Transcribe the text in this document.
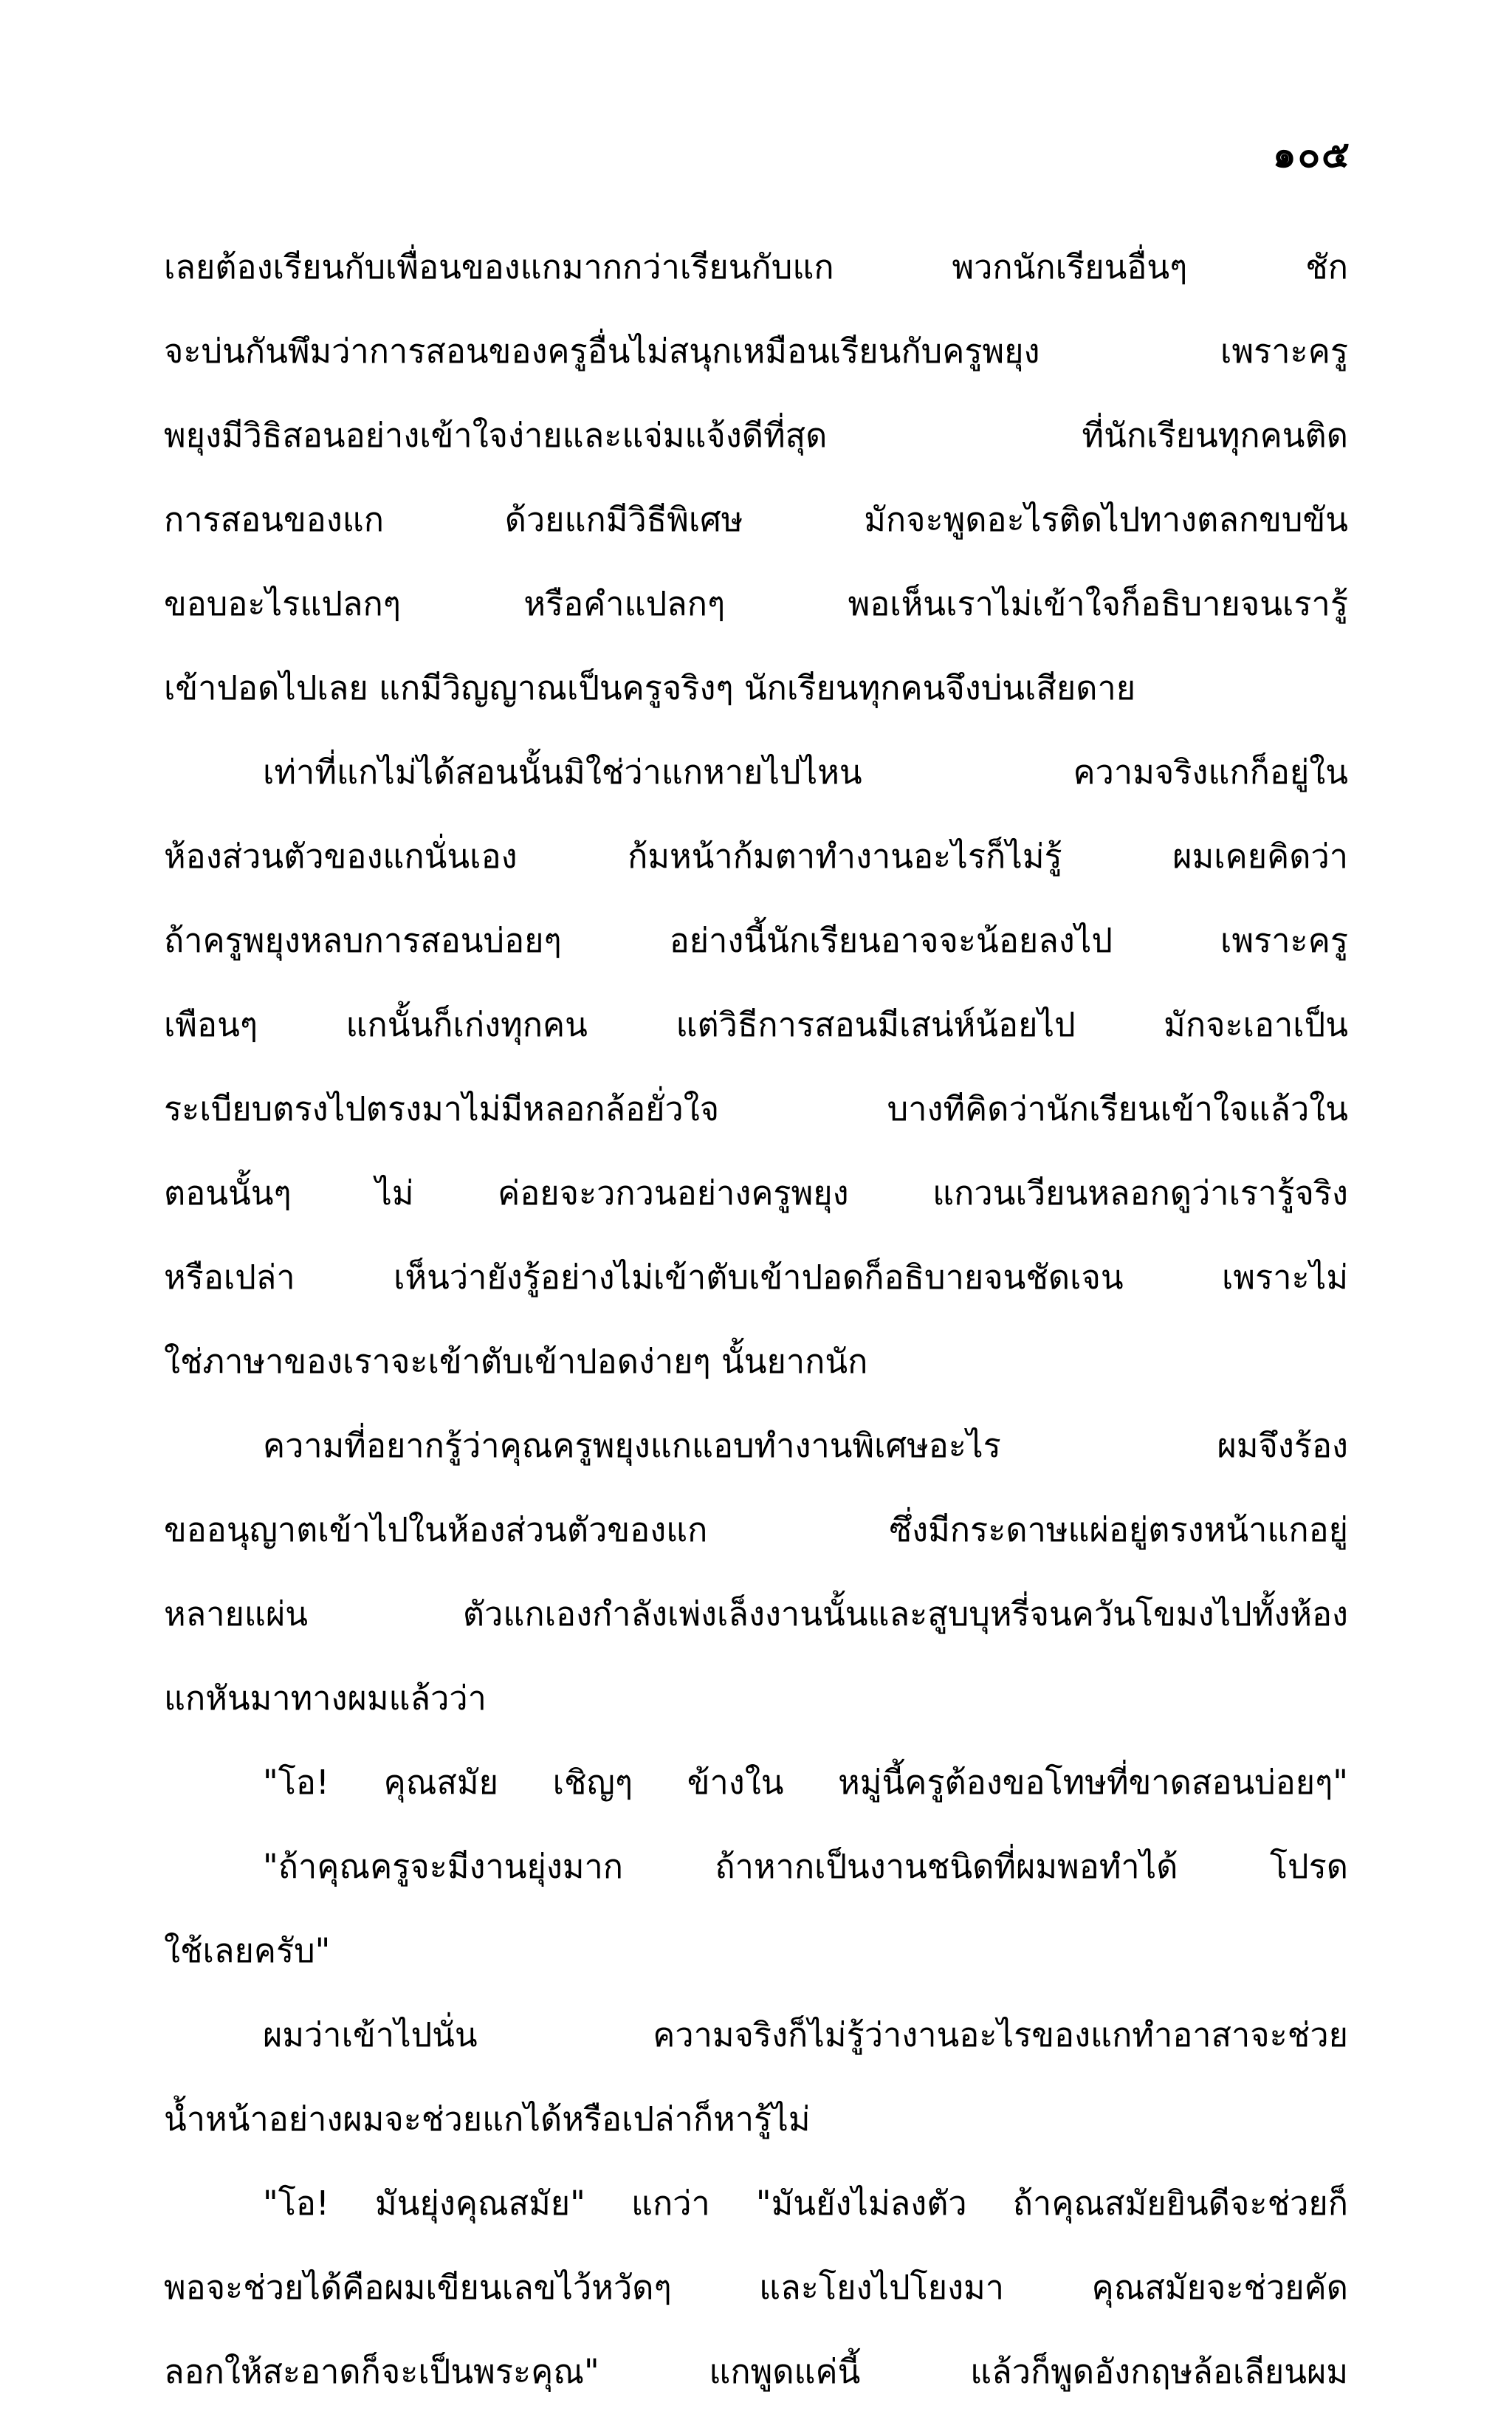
๑๐๕
เลยต้องเรียนกับเพื่อนของแกมากกว่าเรียนกับแก พวกนักเรียนอื่นๆ ชัก
จะบ่นกันพึมว่าการสอนของครูอื่นไม่สนุกเหมือนเรียนกับครูพยุง เพราะครู
พยุงมีวิธิสอนอย่างเข้าใจง่ายและแจ่มแจ้งดีที่สุด ที่นักเรียนทุกคนติด
การสอนของแก ด้วยแกมีวิธีพิเศษ มักจะพูดอะไรติดไปทางตลกขบขัน
ขอบอะไรแปลกๆ หรือคำแปลกๆ พอเห็นเราไม่เข้าใจก็อธิบายจนเรารู้
เข้าปอดไปเลย แกมีวิญญาณเป็นครูจริงๆ นักเรียนทุกคนจึงบ่นเสียดาย
เท่าที่แกไม่ได้สอนนั้นมิใช่ว่าแกหายไปไหน ความจริงแกก็อยู่ใน
ห้องส่วนตัวของแกนั่นเอง ก้มหน้าก้มตาทำงานอะไรก็ไม่รู้ ผมเคยคิดว่า
ถ้าครูพยุงหลบการสอนบ่อยๆ อย่างนี้นักเรียนอาจจะน้อยลงไป เพราะครู
เพือนๆ แกนั้นก็เก่งทุกคน แต่วิธีการสอนมีเสน่ห์น้อยไป มักจะเอาเป็น
ระเบียบตรงไปตรงมาไม่มีหลอกล้อยั่วใจ บางทีคิดว่านักเรียนเข้าใจแล้วใน
ตอนนั้นๆ ไม่ ค่อยจะวกวนอย่างครูพยุง แกวนเวียนหลอกดูว่าเรารู้จริง
หรือเปล่า เห็นว่ายังรู้อย่างไม่เข้าตับเข้าปอดก็อธิบายจนชัดเจน เพราะไม่
ใช่ภาษาของเราจะเข้าตับเข้าปอดง่ายๆ นั้นยากนัก
ความที่อยากรู้ว่าคุณครูพยุงแกแอบทำงานพิเศษอะไร ผมจึงร้อง
ขออนุญาตเข้าไปในห้องส่วนตัวของแก ซึ่งมีกระดาษแผ่อยู่ตรงหน้าแกอยู่
หลายแผ่น ตัวแกเองกำลังเพ่งเล็งงานนั้นและสูบบุหรี่จนควันโขมงไปทั้งห้อง
แกหันมาทางผมแล้วว่า
"โอ! คุณสมัย เชิญๆ ข้างใน หมู่นี้ครูต้องขอโทษที่ขาดสอนบ่อยๆ"
"ถ้าคุณครูจะมีงานยุ่งมาก ถ้าหากเป็นงานชนิดที่ผมพอทำได้ โปรด
ใช้เลยครับ"
ผมว่าเข้าไปนั่น ความจริงก็ไม่รู้ว่างานอะไรของแกทำอาสาจะช่วย
น้ำหน้าอย่างผมจะช่วยแกได้หรือเปล่าก็หารู้ไม่
"โอ! มันยุ่งคุณสมัย" แกว่า "มันยังไม่ลงตัว ถ้าคุณสมัยยินดีจะช่วยก็
พอจะช่วยได้คือผมเขียนเลขไว้หวัดๆ และโยงไปโยงมา คุณสมัยจะช่วยคัด
ลอกให้สะอาดก็จะเป็นพระคุณ" แกพูดแค่นี้ แล้วก็พูดอังกฤษล้อเลียนผม
